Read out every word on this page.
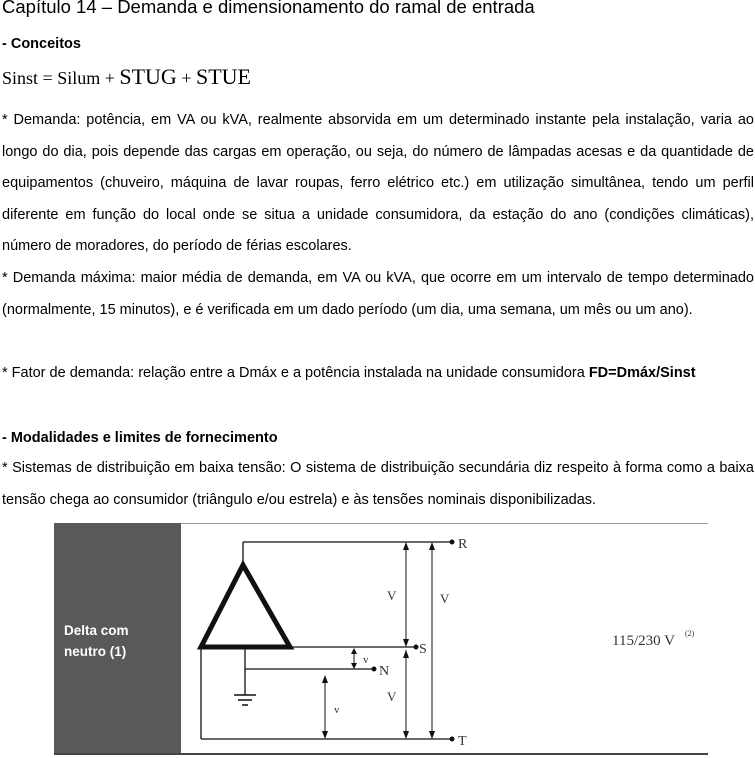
Capítulo 14 – Demanda e dimensionamento do ramal de entrada
- Conceitos
Sinst = Silum + STUG + STUE
* Demanda: potência, em VA ou kVA, realmente absorvida em um determinado instante pela instalação, varia ao longo do dia, pois depende das cargas em operação, ou seja, do número de lâmpadas acesas e da quantidade de equipamentos (chuveiro, máquina de lavar roupas, ferro elétrico etc.) em utilização simultânea, tendo um perfil diferente em função do local onde se situa a unidade consumidora, da estação do ano (condições climáticas), número de moradores, do período de férias escolares.
* Demanda máxima: maior média de demanda, em VA ou kVA, que ocorre em um intervalo de tempo determinado (normalmente, 15 minutos), e é verificada em um dado período (um dia, uma semana, um mês ou um ano).
* Fator de demanda: relação entre a Dmáx e a potência instalada na unidade consumidora FD=Dmáx/Sinst
- Modalidades e limites de fornecimento
* Sistemas de distribuição em baixa tensão: O sistema de distribuição secundária diz respeito à forma como a baixa tensão chega ao consumidor (triângulo e/ou estrela) e às tensões nominais disponibilizadas.
Delta com
neutro (1)
R
S
T
N
V	V
V
v
v
115/230 V (2)
